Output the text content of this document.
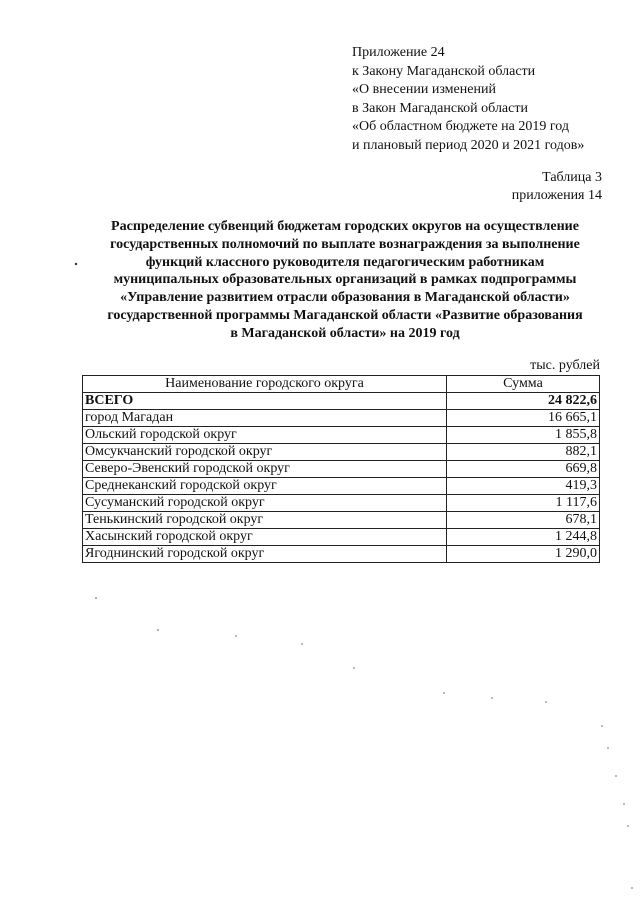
Приложение 24
к Закону Магаданской области
«О внесении изменений
в Закон Магаданской области
«Об областном бюджете на 2019 год
и плановый период 2020 и 2021 годов»
Таблица 3
приложения 14
Распределение субвенций бюджетам городских округов на осуществление
государственных полномочий по выплате вознаграждения за выполнение
функций классного руководителя педагогическим работникам
муниципальных образовательных организаций в рамках подпрограммы
«Управление развитием отрасли образования в Магаданской области»
государственной программы Магаданской области «Развитие образования
в Магаданской области» на 2019 год
тыс. рублей
Наименование городского округа	Сумма
ВСЕГО	24 822,6
город Магадан	16 665,1
Ольский городской округ	1 855,8
Омсукчанский городской округ	882,1
Северо-Эвенский городской округ	669,8
Среднеканский городской округ	419,3
Сусуманский городской округ	1 117,6
Тенькинский городской округ	678,1
Хасынский городской округ	1 244,8
Ягоднинский городской округ	1 290,0
